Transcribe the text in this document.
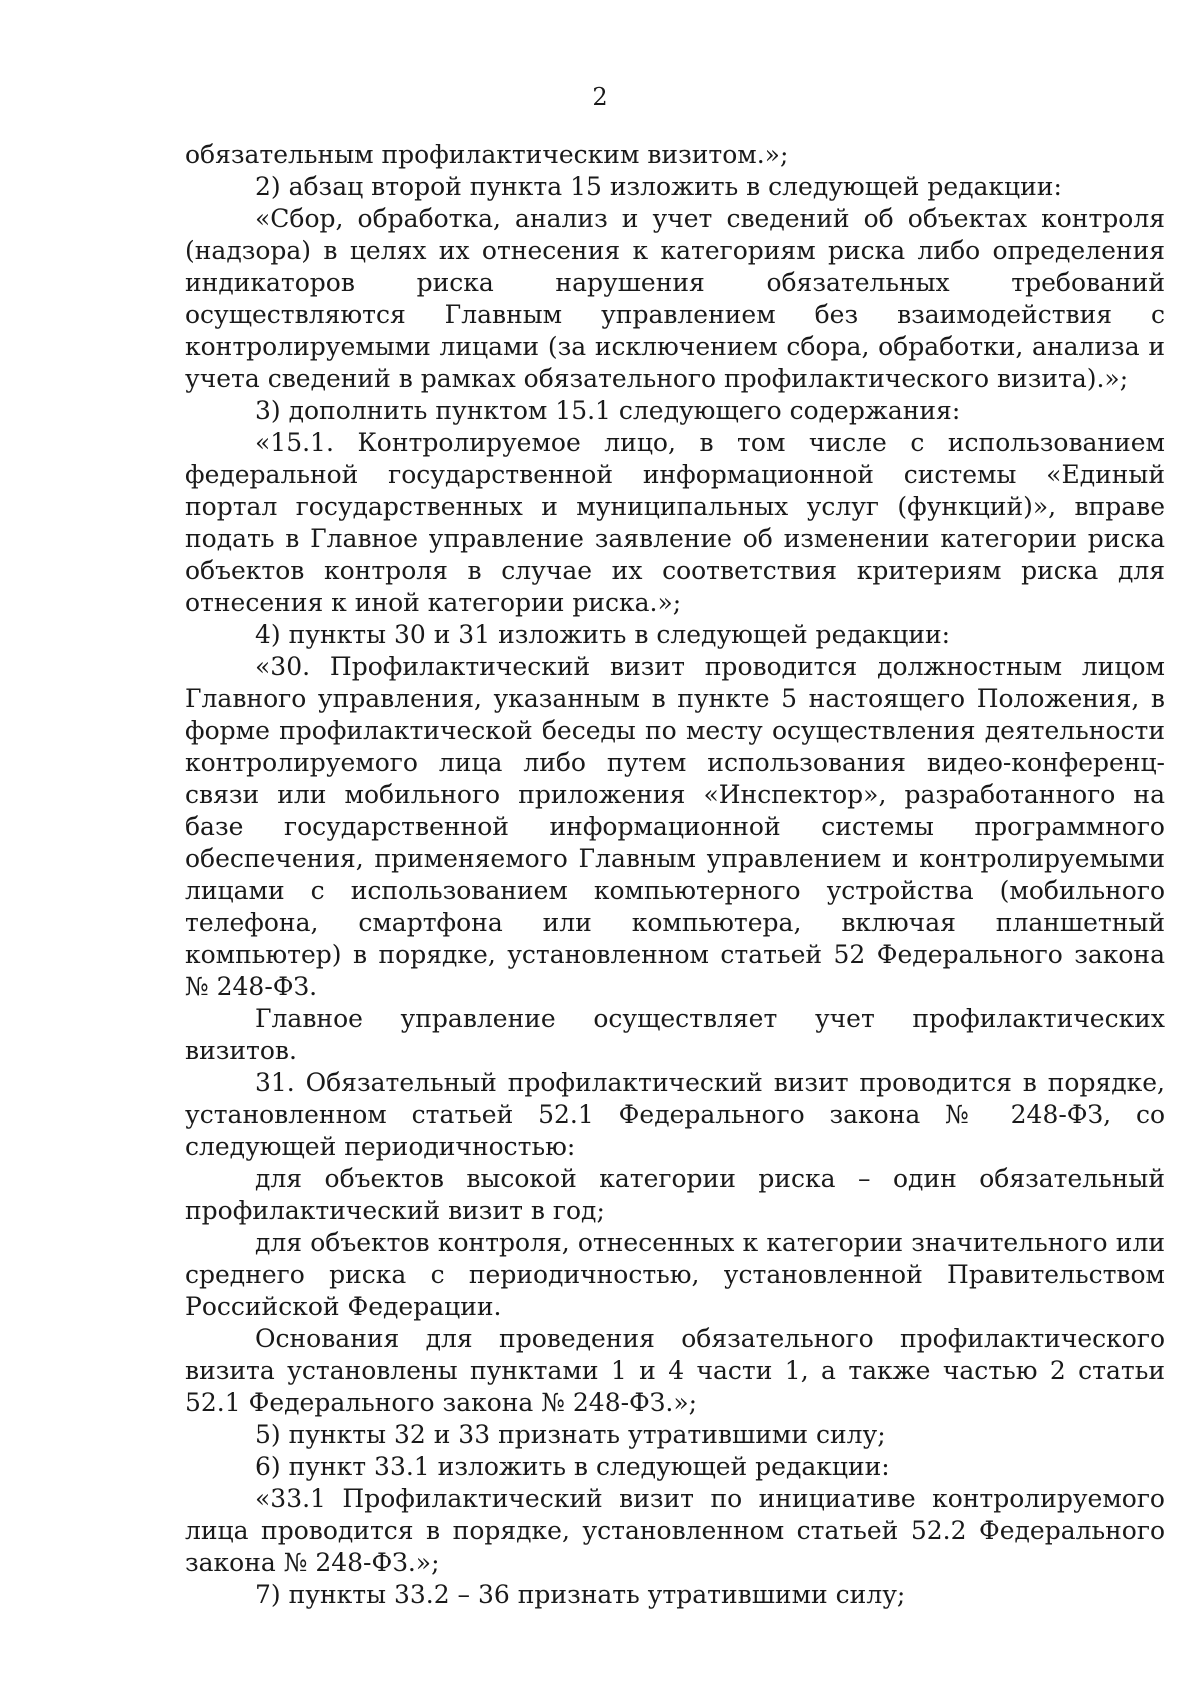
2

обязательным профилактическим визитом.»;

2) абзац второй пункта 15 изложить в следующей редакции:

«Сбор, обработка, анализ и учет сведений об объектах контроля (надзора) в целях их отнесения к категориям риска либо определения индикаторов риска нарушения обязательных требований осуществляются Главным управлением без взаимодействия с контролируемыми лицами (за исключением сбора, обработки, анализа и учета сведений в рамках обязательного профилактического визита).»;

3) дополнить пунктом 15.1 следующего содержания:

«15.1. Контролируемое лицо, в том числе с использованием федеральной государственной информационной системы «Единый портал государственных и муниципальных услуг (функций)», вправе подать в Главное управление заявление об изменении категории риска объектов контроля в случае их соответствия критериям риска для отнесения к иной категории риска.»;

4) пункты 30 и 31 изложить в следующей редакции:

«30. Профилактический визит проводится должностным лицом Главного управления, указанным в пункте 5 настоящего Положения, в форме профилактической беседы по месту осуществления деятельности контролируемого лица либо путем использования видео-конференц-связи или мобильного приложения «Инспектор», разработанного на базе государственной информационной системы программного обеспечения, применяемого Главным управлением и контролируемыми лицами с использованием компьютерного устройства (мобильного телефона, смартфона или компьютера, включая планшетный компьютер) в порядке, установленном статьей 52 Федерального закона № 248-ФЗ.

Главное управление осуществляет учет профилактических визитов.

31. Обязательный профилактический визит проводится в порядке, установленном статьей 52.1 Федерального закона № 248-ФЗ, со следующей периодичностью:

для объектов высокой категории риска – один обязательный профилактический визит в год;

для объектов контроля, отнесенных к категории значительного или среднего риска с периодичностью, установленной Правительством Российской Федерации.

Основания для проведения обязательного профилактического визита установлены пунктами 1 и 4 части 1, а также частью 2 статьи 52.1 Федерального закона № 248-ФЗ.»;

5) пункты 32 и 33 признать утратившими силу;

6) пункт 33.1 изложить в следующей редакции:

«33.1 Профилактический визит по инициативе контролируемого лица проводится в порядке, установленном статьей 52.2 Федерального закона № 248-ФЗ.»;

7) пункты 33.2 – 36 признать утратившими силу;
